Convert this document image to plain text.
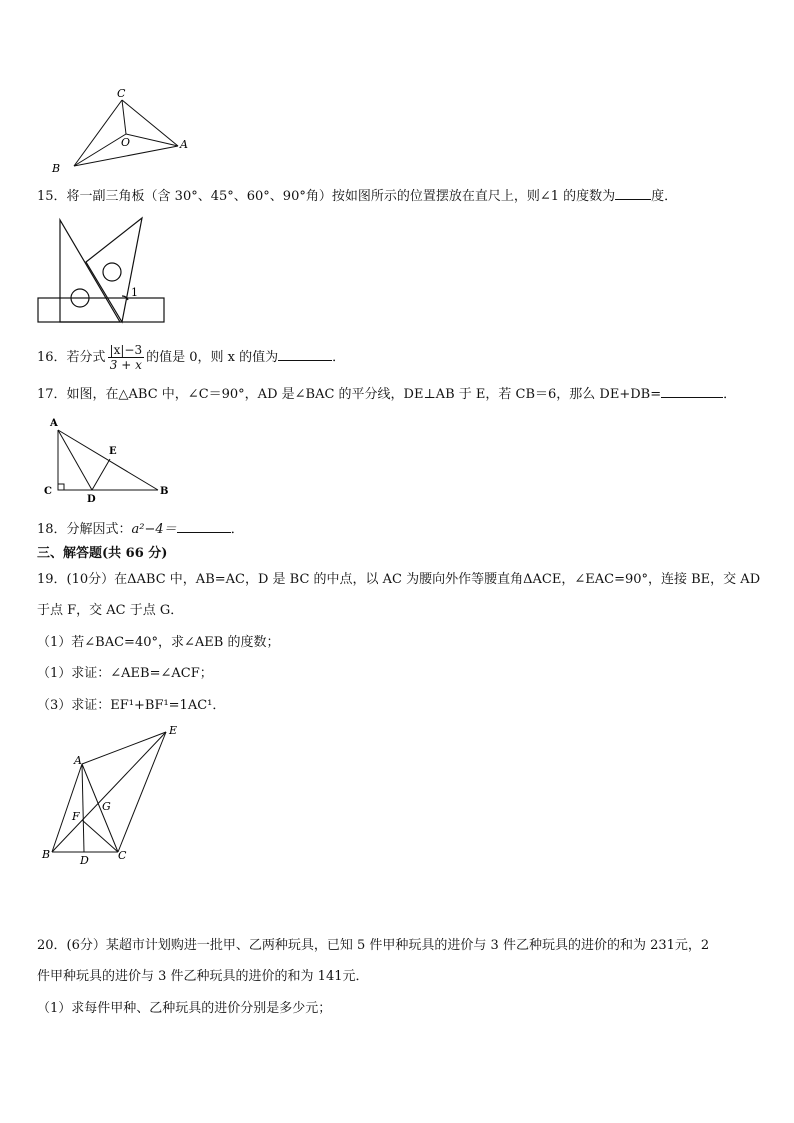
C
O	A
B
15．将一副三角板（含 30°、45°、60°、90°角）按如图所示的位置摆放在直尺上，则∠1 的度数为	度．
1
16．若分式 $\frac{|x|-3}{3 + x}$ 的值是 0，则 x 的值为	．
17．如图，在△ABC 中，∠C＝90°，AD 是∠BAC 的平分线，DE⊥AB 于 E，若 CB＝6，那么 DE+DB=	．
A
E
C
D
B
18．分解因式：a²−4＝	．
三、解答题(共 66 分)
19．(10分）在ΔABC 中，AB=AC，D 是 BC 的中点，以 AC 为腰向外作等腰直角ΔACE，∠EAC=90°，连接 BE，交 AD
于点 F，交 AC 于点 G．
（1）若∠BAC=40°，求∠AEB 的度数；
（1）求证：∠AEB=∠ACF；
（3）求证：EF¹+BF¹=1AC¹．
A
E
G
F
B	D	C
20．(6分）某超市计划购进一批甲、乙两种玩具，已知 5 件甲种玩具的进价与 3 件乙种玩具的进价的和为 231元，2
件甲种玩具的进价与 3 件乙种玩具的进价的和为 141元．
（1）求每件甲种、乙种玩具的进价分别是多少元；
